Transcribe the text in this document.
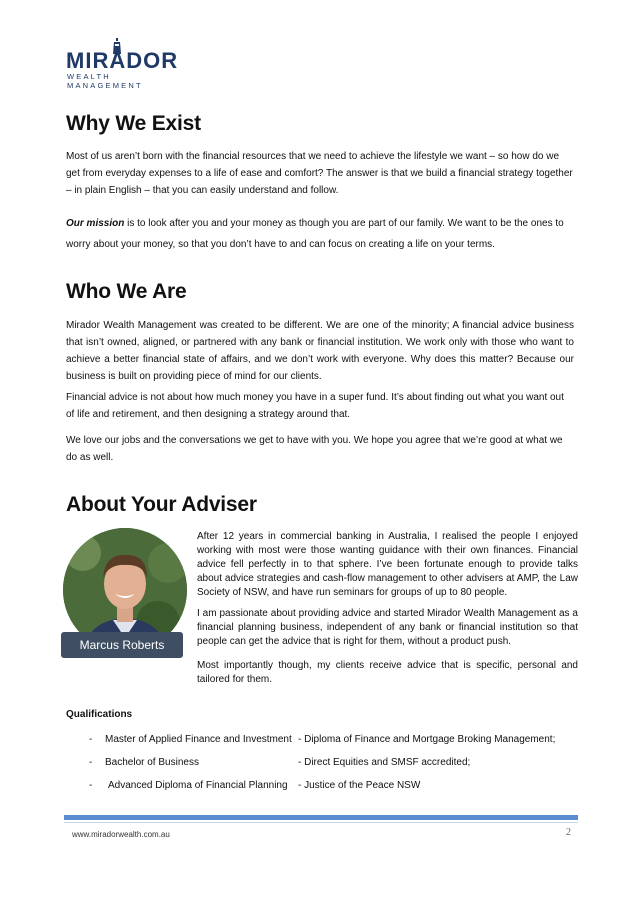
MIRADOR
WEALTH MANAGEMENT
Why We Exist
Most of us aren’t born with the financial resources that we need to achieve the lifestyle we want – so how do we get from everyday expenses to a life of ease and comfort? The answer is that we build a financial strategy together – in plain English – that you can easily understand and follow.
Our mission is to look after you and your money as though you are part of our family. We want to be the ones to worry about your money, so that you don’t have to and can focus on creating a life on your terms.
Who We Are
Mirador Wealth Management was created to be different. We are one of the minority; A financial advice business that isn’t owned, aligned, or partnered with any bank or financial institution. We work only with those who want to achieve a better financial state of affairs, and we don’t work with everyone. Why does this matter? Because our business is built on providing piece of mind for our clients.
Financial advice is not about how much money you have in a super fund. It’s about finding out what you want out of life and retirement, and then designing a strategy around that.
We love our jobs and the conversations we get to have with you. We hope you agree that we’re good at what we do as well.
About Your Adviser
Marcus Roberts
After 12 years in commercial banking in Australia, I realised the people I enjoyed working with most were those wanting guidance with their own finances. Financial advice fell perfectly in to that sphere. I’ve been fortunate enough to provide talks about advice strategies and cash-flow management to other advisers at AMP, the Law Society of NSW, and have run seminars for groups of up to 80 people.
I am passionate about providing advice and started Mirador Wealth Management as a financial planning business, independent of any bank or financial institution so that people can get the advice that is right for them, without a product push.
Most importantly though, my clients receive advice that is specific, personal and tailored for them.
Qualifications
- Master of Applied Finance and Investment - Diploma of Finance and Mortgage Broking Management;
- Bachelor of Business	- Direct Equities and SMSF accredited;
- Advanced Diploma of Financial Planning - Justice of the Peace NSW
www.miradorwealth.com.au	2
